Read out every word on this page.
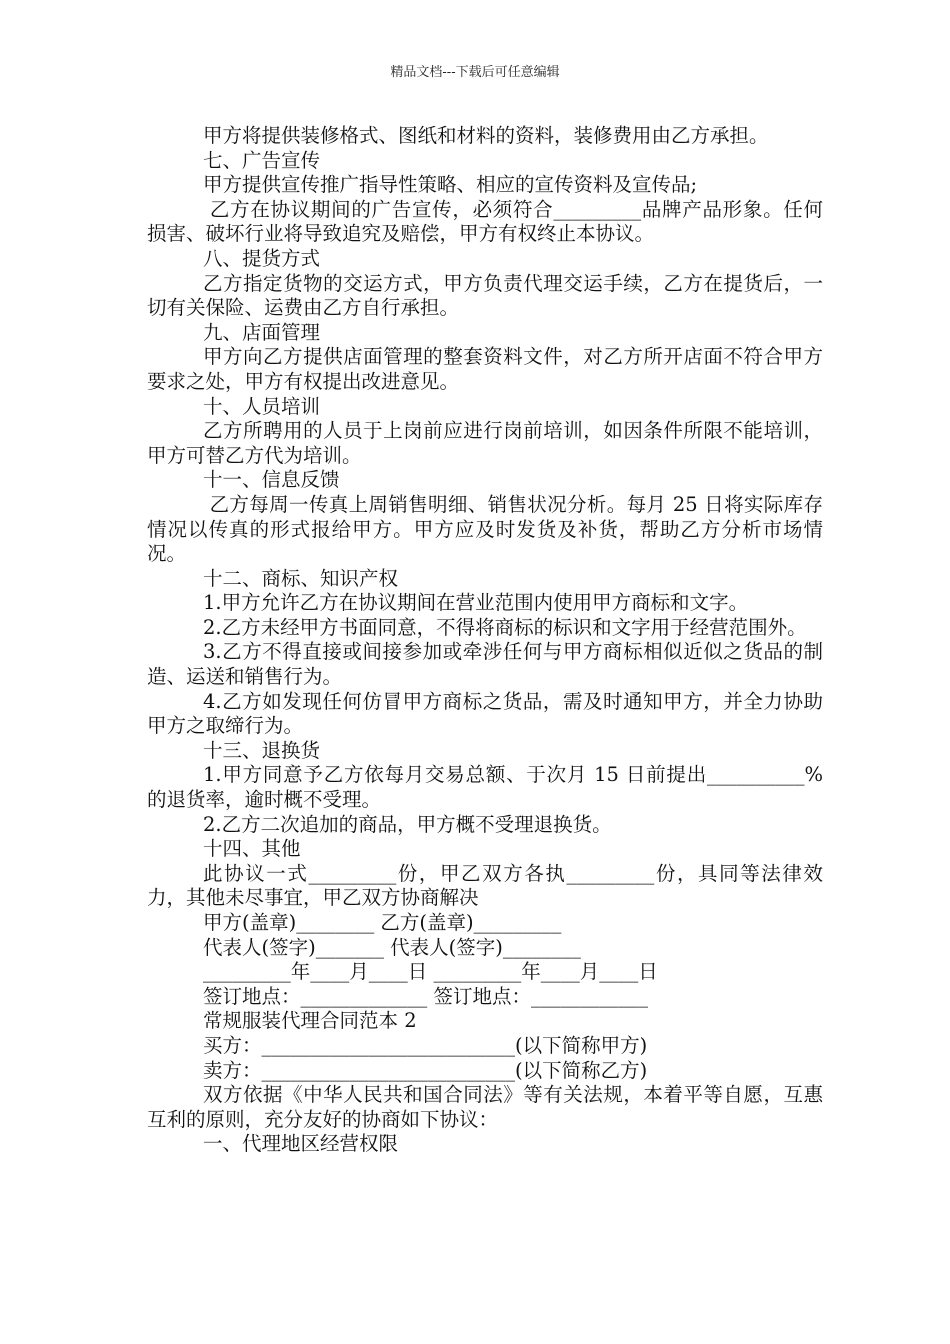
精品文档---下载后可任意编辑

甲方将提供装修格式、图纸和材料的资料，装修费用由乙方承担。

七、广告宣传

甲方提供宣传推广指导性策略、相应的宣传资料及宣传品;

乙方在协议期间的广告宣传，必须符合_________品牌产品形象。任何损害、破坏行业将导致追究及赔偿，甲方有权终止本协议。

八、提货方式

乙方指定货物的交运方式，甲方负责代理交运手续，乙方在提货后，一切有关保险、运费由乙方自行承担。

九、店面管理

甲方向乙方提供店面管理的整套资料文件，对乙方所开店面不符合甲方要求之处，甲方有权提出改进意见。

十、人员培训

乙方所聘用的人员于上岗前应进行岗前培训，如因条件所限不能培训，甲方可替乙方代为培训。

十一、信息反馈

乙方每周一传真上周销售明细、销售状况分析。每月 25 日将实际库存情况以传真的形式报给甲方。甲方应及时发货及补货，帮助乙方分析市场情况。

十二、商标、知识产权

1.甲方允许乙方在协议期间在营业范围内使用甲方商标和文字。

2.乙方未经甲方书面同意，不得将商标的标识和文字用于经营范围外。

3.乙方不得直接或间接参加或牵涉任何与甲方商标相似近似之货品的制造、运送和销售行为。

4.乙方如发现任何仿冒甲方商标之货品，需及时通知甲方，并全力协助甲方之取缔行为。

十三、退换货

1.甲方同意予乙方依每月交易总额、于次月 15 日前提出__________%的退货率，逾时概不受理。

2.乙方二次追加的商品，甲方概不受理退换货。

十四、其他

此协议一式_________份，甲乙双方各执_________份，具同等法律效力，其他未尽事宜，甲乙双方协商解决

甲方(盖章)________ 乙方(盖章)_________

代表人(签字)_______ 代表人(签字)________

_________年____月____日 _________年____月____日

签订地点：_____________ 签订地点：____________

常规服装代理合同范本 2

买方：__________________________(以下简称甲方)

卖方：__________________________(以下简称乙方)

双方依据《中华人民共和国合同法》等有关法规，本着平等自愿，互惠互利的原则，充分友好的协商如下协议：

一、代理地区经营权限
